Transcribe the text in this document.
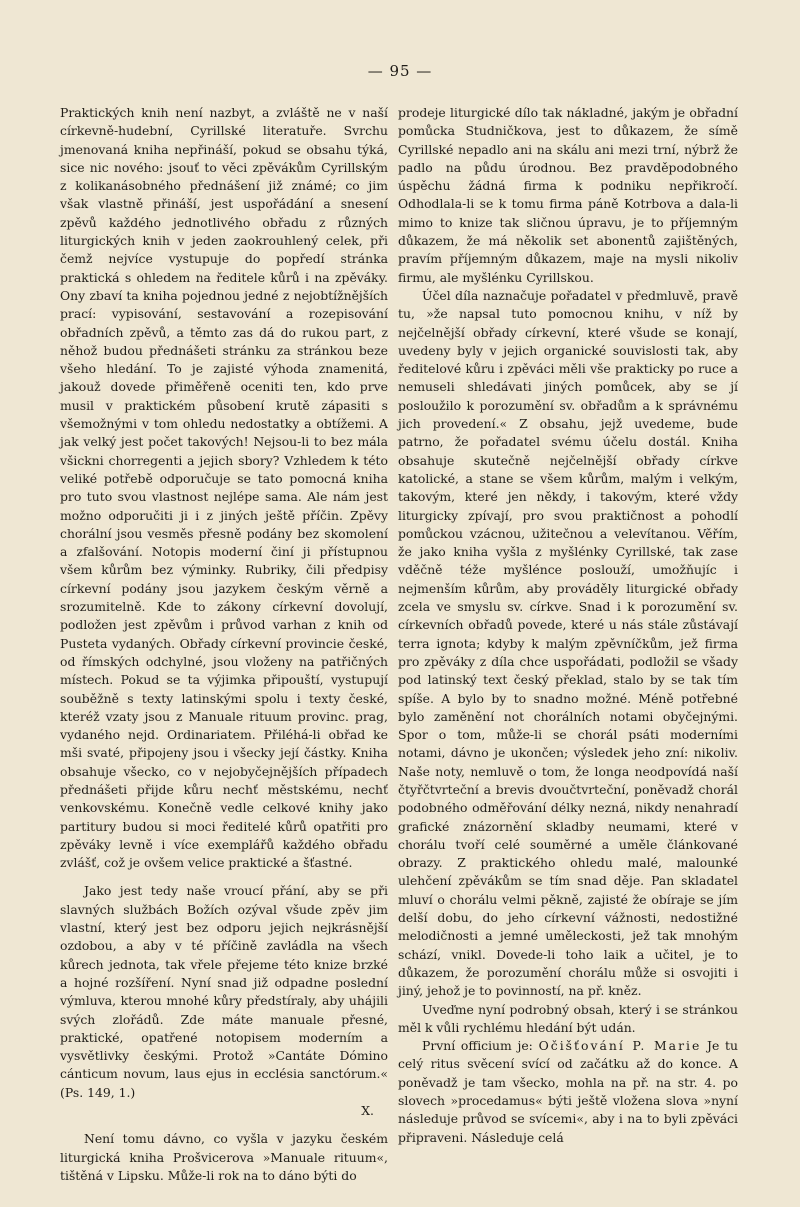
— 95 —

Praktických knih není nazbyt, a zvláště ne v naší církevně-hudební, Cyrillské literatuře. Svrchu jmenovaná kniha nepřináší, pokud se obsahu týká, sice nic nového: jsouť to věci zpěvákům Cyrillským z kolikanásobného přednášení již známé; co jim však vlastně přináší, jest uspořádání a snesení zpěvů každého jednotlivého obřadu z různých liturgických knih v jeden zaokrouhlený celek, při čemž nejvíce vystupuje do popředí stránka praktická s ohledem na ředitele kůrů i na zpěváky. Ony zbaví ta kniha pojednou jedné z nejobtížnějších prací: vypisování, sestavování a rozepisování obřadních zpěvů, a těmto zas dá do rukou part, z něhož budou přednášeti stránku za stránkou beze všeho hledání. To je zajisté výhoda znamenitá, jakouž dovede přiměřeně oceniti ten, kdo prve musil v praktickém působení krutě zápasiti s všemožnými v tom ohledu nedostatky a obtížemi. A jak velký jest počet takových! Nejsou-li to bez mála všickni chorregenti a jejich sbory? Vzhledem k této veliké potřebě odporučuje se tato pomocná kniha pro tuto svou vlastnost nejlépe sama. Ale nám jest možno odporučiti ji i z jiných ještě příčin. Zpěvy chorální jsou vesměs přesně podány bez skomolení a zfalšování. Notopis moderní činí ji přístupnou všem kůrům bez výminky. Rubriky, čili předpisy církevní podány jsou jazykem českým věrně a srozumitelně. Kde to zákony církevní dovolují, podložen jest zpěvům i průvod varhan z knih od Pusteta vydaných. Obřady církevní provincie české, od římských odchylné, jsou vloženy na patřičných místech. Pokud se ta výjimka připouští, vystupují souběžně s texty latinskými spolu i texty české, kteréž vzaty jsou z Manuale rituum provinc. prag, vydaného nejd. Ordinariatem. Přiléhá-li obřad ke mši svaté, připojeny jsou i všecky její částky. Kniha obsahuje všecko, co v nejobyčejnějších případech přednášeti přijde kůru nechť městskému, nechť venkovskému. Konečně vedle celkové knihy jako partitury budou si moci ředitelé kůrů opatřiti pro zpěváky levně i více exemplářů každého obřadu zvlášť, což je ovšem velice praktické a šťastné.

Jako jest tedy naše vroucí přání, aby se při slavných službách Božích ozýval všude zpěv jim vlastní, který jest bez odporu jejich nejkrásnější ozdobou, a aby v té příčině zavládla na všech kůrech jednota, tak vřele přejeme této knize brzké a hojné rozšíření. Nyní snad již odpadne poslední výmluva, kterou mnohé kůry předstíraly, aby uhájili svých zlořádů. Zde máte manuale přesné, praktické, opatřené notopisem moderním a vysvětlivky českými. Protož »Cantáte Dómino cánticum novum, laus ejus in ecclésia sanctórum.« (Ps. 149, 1.)

X.

Není tomu dávno, co vyšla v jazyku českém liturgická kniha Prošvicerova »Manuale rituum«, tištěná v Lipsku. Může-li rok na to dáno býti do

prodeje liturgické dílo tak nákladné, jakým je obřadní pomůcka Studničkova, jest to důkazem, že símě Cyrillské nepadlo ani na skálu ani mezi trní, nýbrž že padlo na půdu úrodnou. Bez pravděpodobného úspěchu žádná firma k podniku nepřikročí. Odhodlala-li se k tomu firma páně Kotrbova a dala-li mimo to knize tak sličnou úpravu, je to příjemným důkazem, že má několik set abonentů zajištěných, pravím příjemným důkazem, maje na mysli nikoliv firmu, ale myšlénku Cyrillskou.

Účel díla naznačuje pořadatel v předmluvě, pravě tu, »že napsal tuto pomocnou knihu, v níž by nejčelnější obřady církevní, které všude se konají, uvedeny byly v jejich organické souvislosti tak, aby ředitelové kůru i zpěváci měli vše prakticky po ruce a nemuseli shledávati jiných pomůcek, aby se jí posloužilo k porozumění sv. obřadům a k správnému jich provedení.« Z obsahu, jejž uvedeme, bude patrno, že pořadatel svému účelu dostál. Kniha obsahuje skutečně nejčelnější obřady církve katolické, a stane se všem kůrům, malým i velkým, takovým, které jen někdy, i takovým, které vždy liturgicky zpívají, pro svou praktičnost a pohodlí pomůckou vzácnou, užitečnou a velevítanou. Věřím, že jako kniha vyšla z myšlénky Cyrillské, tak zase vděčně téže myšlénce poslouží, umožňujíc i nejmenším kůrům, aby prováděly liturgické obřady zcela ve smyslu sv. církve. Snad i k porozumění sv. církevních obřadů povede, které u nás stále zůstávají terra ignota; kdyby k malým zpěvníčkům, jež firma pro zpěváky z díla chce uspořádati, podložil se všady pod latinský text český překlad, stalo by se tak tím spíše. A bylo by to snadno možné. Méně potřebné bylo zaměnění not chorálních notami obyčejnými. Spor o tom, může-li se chorál psáti moderními notami, dávno je ukončen; výsledek jeho zní: nikoliv. Naše noty, nemluvě o tom, že longa neodpovídá naší čtyřčtvrteční a brevis dvoučtvrteční, poněvadž chorál podobného odměřování délky nezná, nikdy nenahradí grafické znázornění skladby neumami, které v chorálu tvoří celé souměrné a uměle článkované obrazy. Z praktického ohledu malé, malounké ulehčení zpěvákům se tím snad děje. Pan skladatel mluví o chorálu velmi pěkně, zajisté že obíraje se jím delší dobu, do jeho církevní vážnosti, nedostižné melodičnosti a jemné uměleckosti, jež tak mnohým schází, vnikl. Dovede-li toho laik a učitel, je to důkazem, že porozumění chorálu může si osvojiti i jiný, jehož je to povinností, na př. kněz.

Uveďme nyní podrobný obsah, který i se stránkou měl k vůli rychlému hledání být udán.

První officium je: Očišťování P. Marie Je tu celý ritus svěcení svící od začátku až do konce. A poněvadž je tam všecko, mohla na př. na str. 4. po slovech »procedamus« býti ještě vložena slova »nyní následuje průvod se svícemi«, aby i na to byli zpěváci připraveni. Následuje celá
